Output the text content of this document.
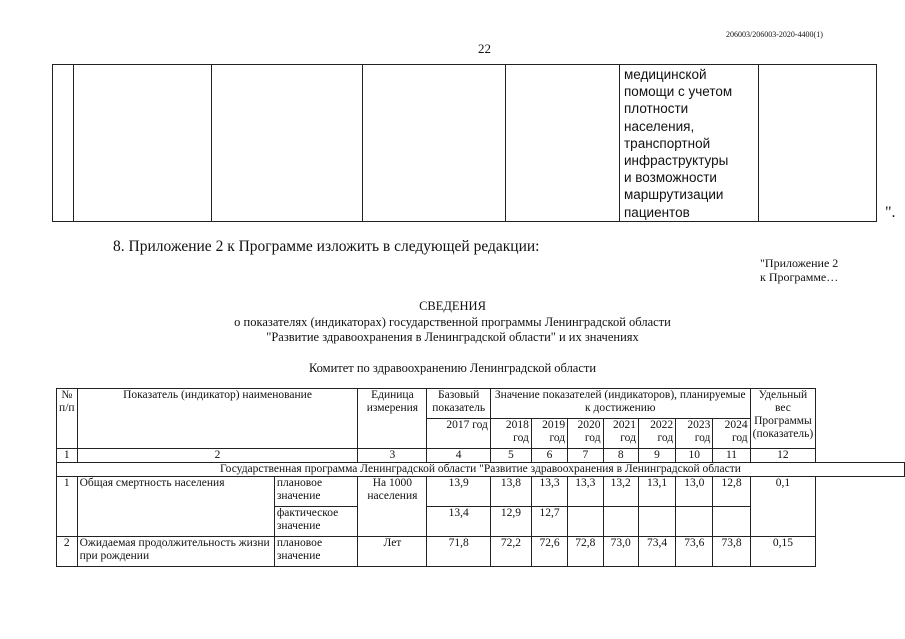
206003/206003-2020-4400(1)
22

медицинской
помощи с учетом
плотности
населения,
транспортной
инфраструктуры
и возможности
маршрутизации
пациентов
		".
8. Приложение 2 к Программе изложить в следующей редакции:
"Приложение 2
к Программе…
СВЕДЕНИЯ
о показателях (индикаторах) государственной программы Ленинградской области
"Развитие здравоохранения в Ленинградской области" и их значениях
Комитет по здравоохранению Ленинградской области
№ п/п	Показатель (индикатор) наименование		Единица измерения	Базовый показатель	Значение показателей (индикаторов), планируемые к достижению							Удельный вес Программы (показатель)
				2017 год	2018 год	2019 год	2020 год	2021 год	2022 год	2023 год	2024 год	
1	2		3	4	5	6	7	8	9	10	11	12
Государственная программа Ленинградской области "Развитие здравоохранения в Ленинградской области												
1	Общая смертность населения	плановое значение	На 1000 населения	13,9	13,8	13,3	13,3	13,2	13,1	13,0	12,8	0,1
		фактическое значение		13,4	12,9	12,7						
2	Ожидаемая продолжительность жизни при рождении	плановое значение	Лет	71,8	72,2	72,6	72,8	73,0	73,4	73,6	73,8	0,15
